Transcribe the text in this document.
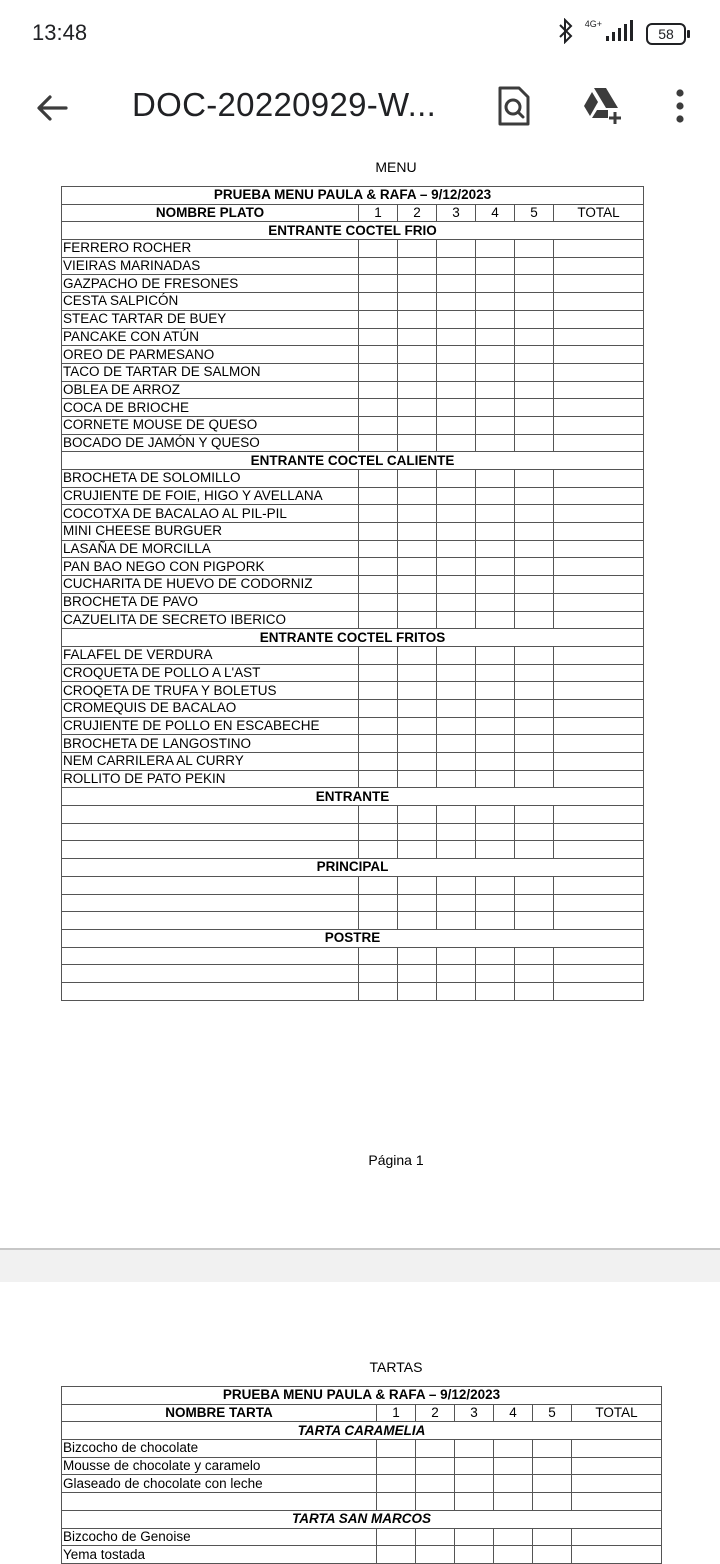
13:48	4G+
58
DOC-20220929-W...
MENU
PRUEBA MENU PAULA & RAFA – 9/12/2023						
NOMBRE PLATO	1	2	3	4	5	TOTAL
ENTRANTE COCTEL FRIO						
FERRERO ROCHER						
VIEIRAS MARINADAS						
GAZPACHO DE FRESONES						
CESTA SALPICÓN						
STEAC TARTAR DE BUEY						
PANCAKE CON ATÚN						
OREO DE PARMESANO						
TACO DE TARTAR DE SALMON						
OBLEA DE ARROZ						
COCA DE BRIOCHE						
CORNETE MOUSE DE QUESO						
BOCADO DE JAMÓN Y QUESO						
ENTRANTE COCTEL CALIENTE						
BROCHETA DE SOLOMILLO						
CRUJIENTE DE FOIE, HIGO Y AVELLANA						
COCOTXA DE BACALAO AL PIL-PIL						
MINI CHEESE BURGUER						
LASAÑA DE MORCILLA						
PAN BAO NEGO CON PIGPORK						
CUCHARITA DE HUEVO DE CODORNIZ						
BROCHETA DE PAVO						
CAZUELITA DE SECRETO IBERICO						
ENTRANTE COCTEL FRITOS						
FALAFEL DE VERDURA						
CROQUETA DE POLLO A L'AST						
CROQETA DE TRUFA Y BOLETUS						
CROMEQUIS DE BACALAO						
CRUJIENTE DE POLLO EN ESCABECHE						
BROCHETA DE LANGOSTINO						
NEM CARRILERA AL CURRY						
ROLLITO DE PATO PEKIN						
ENTRANTE						

PRINCIPAL						

POSTRE						

Página 1
TARTAS
PRUEBA MENU PAULA & RAFA – 9/12/2023						
NOMBRE TARTA	1	2	3	4	5	TOTAL
TARTA CARAMELIA						
Bizcocho de chocolate						
Mousse de chocolate y caramelo						
Glaseado de chocolate con leche						

TARTA SAN MARCOS						
Bizcocho de Genoise						
Yema tostada						
